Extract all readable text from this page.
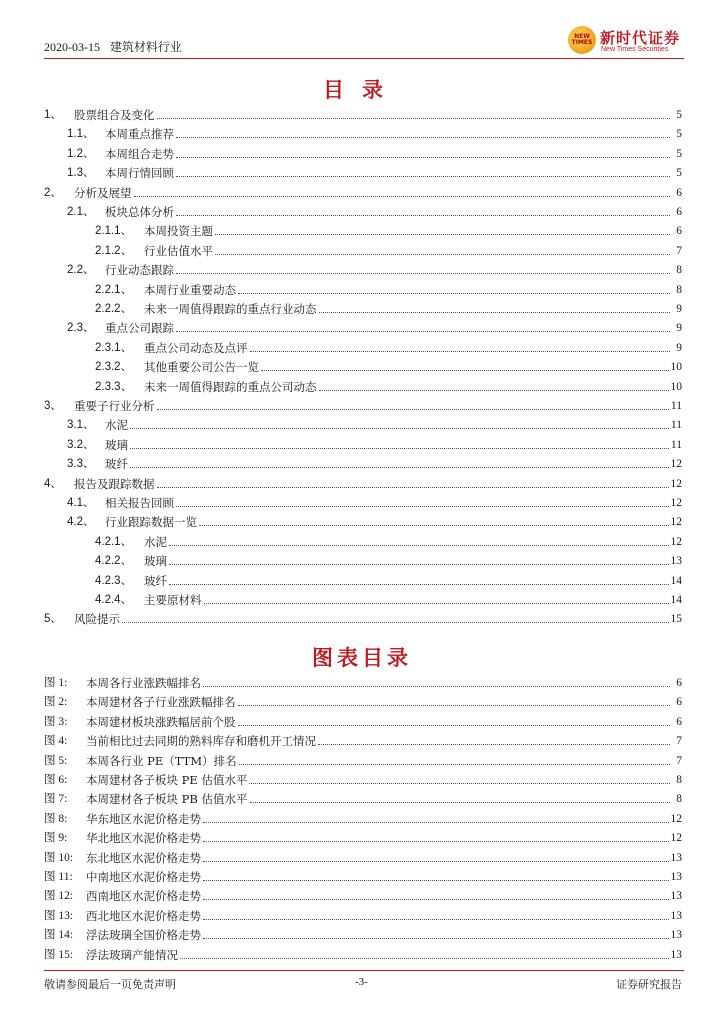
2020-03-15 建筑材料行业
NEW
TIMES 新时代证券
New Times Securities
目录
1、	股票组合及变化	5
1.1、 本周重点推荐	5
1.2、 本周组合走势	5
1.3、 本周行情回顾	5
2、	分析及展望	6
2.1、 板块总体分析	6
2.1.1、	本周投资主题	6
2.1.2、	行业估值水平	7
2.2、 行业动态跟踪	8
2.2.1、	本周行业重要动态	8
2.2.2、	未来一周值得跟踪的重点行业动态	9
2.3、 重点公司跟踪	9
2.3.1、	重点公司动态及点评	9
2.3.2、	其他重要公司公告一览	10
2.3.3、	未来一周值得跟踪的重点公司动态	10
3、	重要子行业分析	11
3.1、 水泥	11
3.2、 玻璃	11
3.3、 玻纤	12
4、	报告及跟踪数据	12
4.1、 相关报告回顾	12
4.2、 行业跟踪数据一览	12
4.2.1、	水泥	12
4.2.2、	玻璃	13
4.2.3、	玻纤	14
4.2.4、	主要原材料	14
5、	风险提示	15
图表目录
图 1:	本周各行业涨跌幅排名	6
图 2:	本周建材各子行业涨跌幅排名	6
图 3:	本周建材板块涨跌幅居前个股	6
图 4:	当前相比过去同期的熟料库存和磨机开工情况	7
图 5:	本周各行业 PE（TTM）排名	7
图 6:	本周建材各子板块 PE 估值水平	8
图 7:	本周建材各子板块 PB 估值水平	8
图 8:	华东地区水泥价格走势	12
图 9:	华北地区水泥价格走势	12
图 10:	东北地区水泥价格走势	13
图 11:	中南地区水泥价格走势	13
图 12:	西南地区水泥价格走势	13
图 13:	西北地区水泥价格走势	13
图 14:	浮法玻璃全国价格走势	13
图 15:	浮法玻璃产能情况	13
敬请参阅最后一页免责声明	-3-	证券研究报告
